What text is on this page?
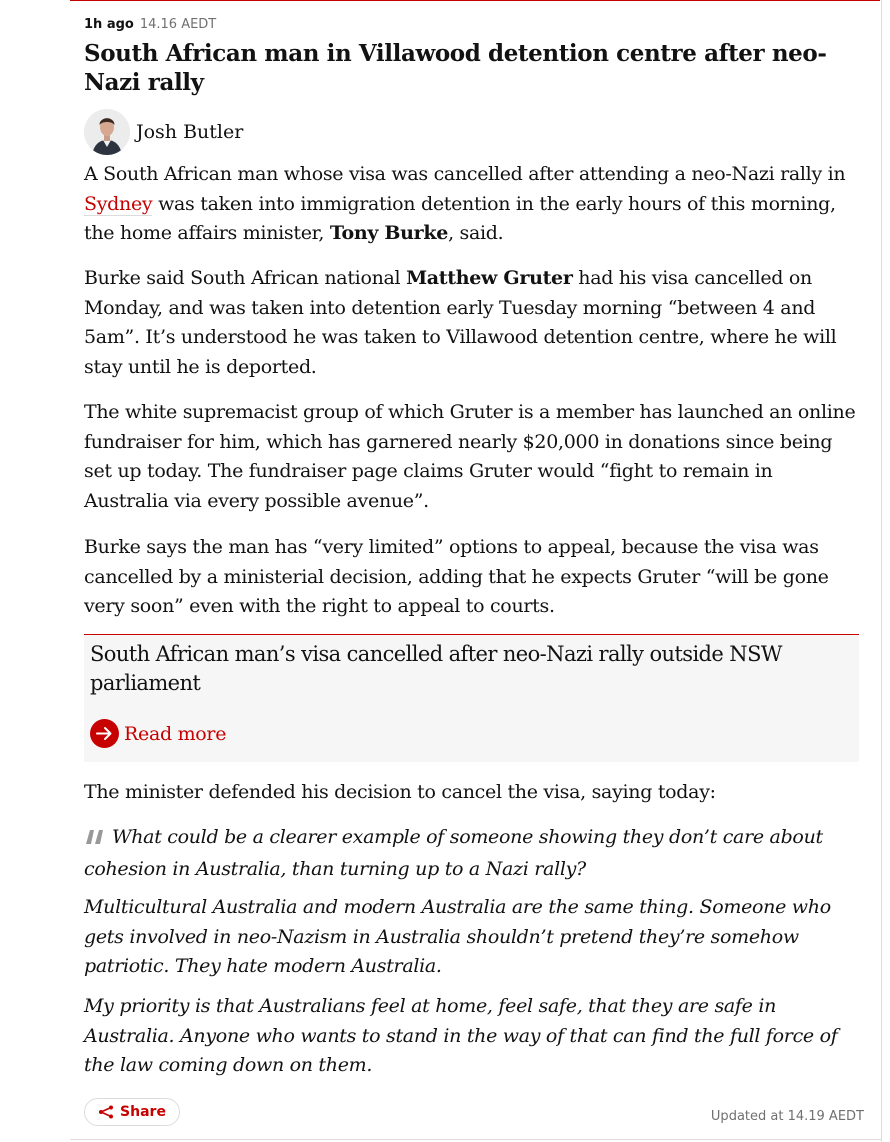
1h ago 14.16 AEDT
South African man in Villawood detention centre after neo-Nazi rally
Josh Butler

A South African man whose visa was cancelled after attending a neo-Nazi rally in Sydney was taken into immigration detention in the early hours of this morning, the home affairs minister, Tony Burke, said.

Burke said South African national Matthew Gruter had his visa cancelled on Monday, and was taken into detention early Tuesday morning “between 4 and 5am”. It’s understood he was taken to Villawood detention centre, where he will stay until he is deported.

The white supremacist group of which Gruter is a member has launched an online fundraiser for him, which has garnered nearly $20,000 in donations since being set up today. The fundraiser page claims Gruter would “fight to remain in Australia via every possible avenue”.

Burke says the man has “very limited” options to appeal, because the visa was cancelled by a ministerial decision, adding that he expects Gruter “will be gone very soon” even with the right to appeal to courts.

South African man’s visa cancelled after neo-Nazi rally outside NSW parliament
Read more

The minister defended his decision to cancel the visa, saying today:

What could be a clearer example of someone showing they don’t care about cohesion in Australia, than turning up to a Nazi rally?

Multicultural Australia and modern Australia are the same thing. Someone who gets involved in neo-Nazism in Australia shouldn’t pretend they’re somehow patriotic. They hate modern Australia.

My priority is that Australians feel at home, feel safe, that they are safe in Australia. Anyone who wants to stand in the way of that can find the full force of the law coming down on them.

Share	Updated at 14.19 AEDT
